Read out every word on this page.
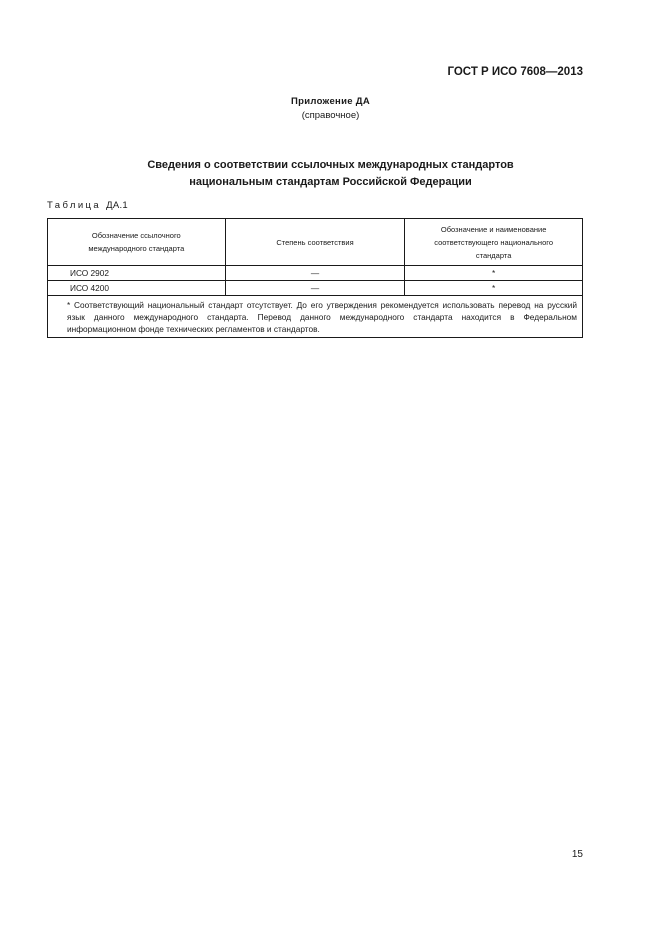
ГОСТ Р ИСО 7608—2013
Приложение ДА
(справочное)
Сведения о соответствии ссылочных международных стандартов
национальным стандартам Российской Федерации
Таблица ДА.1
Обозначение ссылочного международного стандарта	Степень соответствия	Обозначение и наименование соответствующего национального стандарта
ИСО 2902	—	*
ИСО 4200	—	*

* Соответствующий национальный стандарт отсутствует. До его утверждения рекомендуется использовать перевод на русский язык данного международного стандарта. Перевод данного международного стандарта находится в Федеральном информационном фонде технических регламентов и стандартов.		
15
